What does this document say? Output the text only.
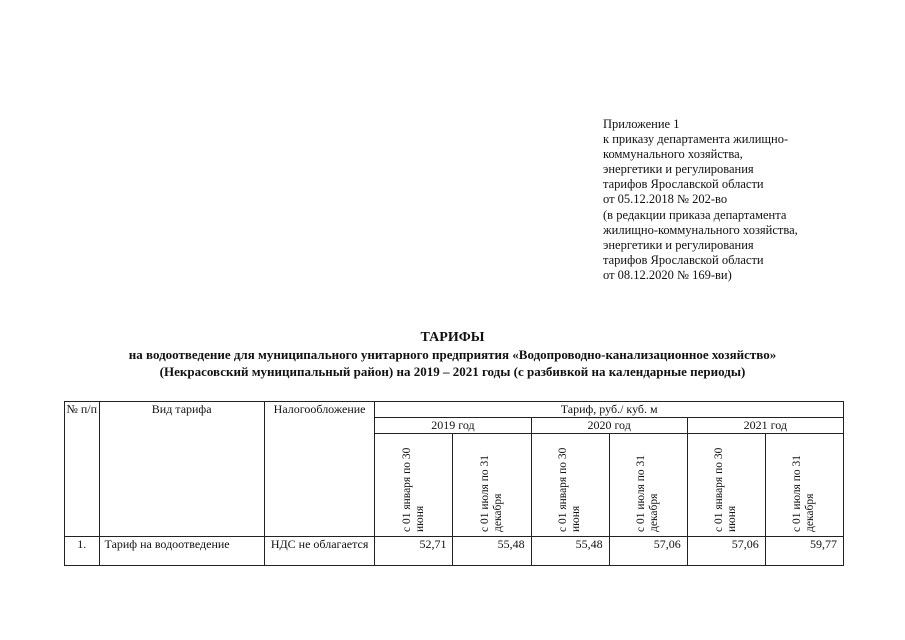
Приложение 1
к приказу департамента жилищно-
коммунального хозяйства,
энергетики и регулирования
тарифов Ярославской области
от 05.12.2018 № 202-во
(в редакции приказа департамента
жилищно-коммунального хозяйства,
энергетики и регулирования
тарифов Ярославской области
от 08.12.2020 № 169-ви)
ТАРИФЫ
на водоотведение для муниципального унитарного предприятия «Водопроводно-канализационное хозяйство»
(Некрасовский муниципальный район) на 2019 – 2021 годы (с разбивкой на календарные периоды)
№ п/п	Вид тарифа	Налогообложение	Тариф, руб./ куб. м					
			2019 год		2020 год		2021 год	
			с 01 января по 30 июня	с 01 июля по 31 декабря	с 01 января по 30 июня	с 01 июля по 31 декабря	с 01 января по 30 июня	с 01 июля по 31 декабря
1.	Тариф на водоотведение	НДС не облагается	52,71	55,48	55,48	57,06	57,06	59,77
